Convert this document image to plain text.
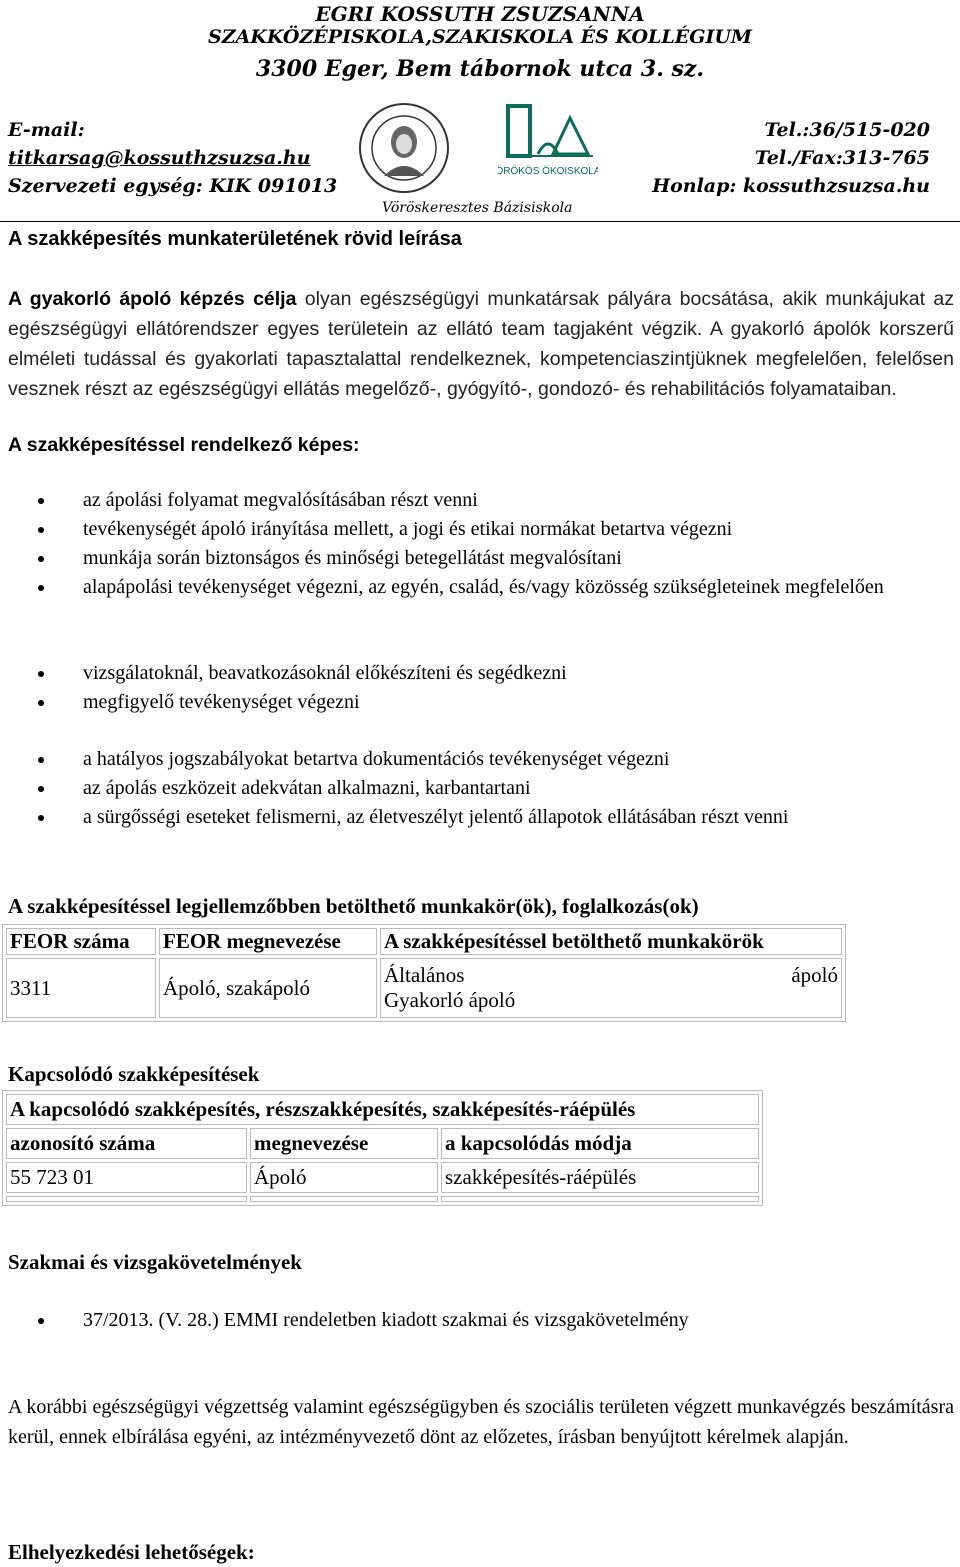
EGRI KOSSUTH ZSUZSANNA
SZAKKÖZÉPISKOLA,SZAKISKOLA ÉS KOLLÉGIUM
3300 Eger, Bem tábornok utca 3. sz.
E-mail:
titkarsag@kossuthzsuzsa.hu
Szervezeti egység: KIK 091013
ÖRÖKÖS ÖKOISKOLA
Vöröskeresztes Bázisiskola
Tel.:36/515-020
Tel./Fax:313-765
Honlap: kossuthzsuzsa.hu
A szakképesítés munkaterületének rövid leírása
A gyakorló ápoló képzés célja olyan egészségügyi munkatársak pályára bocsátása, akik munkájukat az egészségügyi ellátórendszer egyes területein az ellátó team tagjaként végzik. A gyakorló ápolók korszerű elméleti tudással és gyakorlati tapasztalattal rendelkeznek, kompetenciaszintjüknek megfelelően, felelősen vesznek részt az egészségügyi ellátás megelőző-, gyógyító-, gondozó- és rehabilitációs folyamataiban.
A szakképesítéssel rendelkező képes:
az ápolási folyamat megvalósításában részt venni
tevékenységét ápoló irányítása mellett, a jogi és etikai normákat betartva végezni
munkája során biztonságos és minőségi betegellátást megvalósítani
alapápolási tevékenységet végezni, az egyén, család, és/vagy közösség szükségleteinek megfelelően
vizsgálatoknál, beavatkozásoknál előkészíteni és segédkezni
megfigyelő tevékenységet végezni
a hatályos jogszabályokat betartva dokumentációs tevékenységet végezni
az ápolás eszközeit adekvátan alkalmazni, karbantartani
a sürgősségi eseteket felismerni, az életveszélyt jelentő állapotok ellátásában részt venni
A szakképesítéssel legjellemzőbben betölthető munkakör(ök), foglalkozás(ok)
FEOR száma	FEOR megnevezése	A szakképesítéssel betölthető munkakörök
3311	Ápoló, szakápoló	Általános ápoló
Gyakorló ápoló
Kapcsolódó szakképesítések
A kapcsolódó szakképesítés, részszakképesítés, szakképesítés-ráépülés		
azonosító száma	megnevezése	a kapcsolódás módja
55 723 01	Ápoló	szakképesítés-ráépülés

Szakmai és vizsgakövetelmények
37/2013. (V. 28.) EMMI rendeletben kiadott szakmai és vizsgakövetelmény
A korábbi egészségügyi végzettség valamint egészségügyben és szociális területen végzett munkavégzés beszámításra kerül, ennek elbírálása egyéni, az intézményvezető dönt az előzetes, írásban benyújtott kérelmek alapján.
Elhelyezkedési lehetőségek:
